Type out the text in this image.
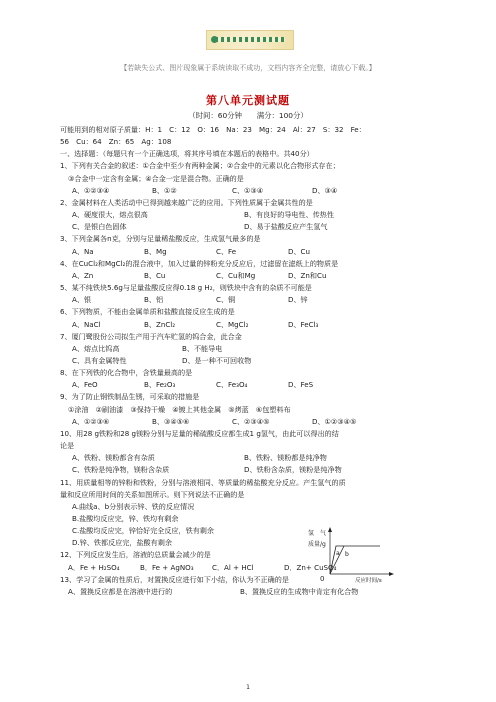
【若缺失公式、图片现象属于系统读取不成功，文档内容齐全完整，请放心下载。】
第八单元测试题
（时间：60分钟　　满分：100分）
可能用到的相对原子质量：H：1　C：12　O：16　Na：23　Mg：24　Al：27　S：32　Fe：
56　Cu：64　Zn：65　Ag：108
一、选择题：（每题只有一个正确选项，将其序号填在本题后的表格中。共40分）
1、下列有关合金的叙述：①合金中至少有两种金属；②合金中的元素以化合物形式存在；
③合金中一定含有金属；④合金一定是混合物。正确的是
A、①②③④	B、①②	C、①③④	D、③④
2、金属材料在人类活动中已得到越来越广泛的应用。下列性质属于金属共性的是
A、硬度很大，熔点很高	B、有良好的导电性、传热性
C、是银白色固体	D、易于盐酸反应产生氢气
3、下列金属各n克，分别与足量稀盐酸反应，生成氢气最多的是
A、Na	B、Mg	C、Fe	D、Cu
4、在CuCl₂和MgCl₂的混合液中，加入过量的锌粉充分反应后，过滤留在滤纸上的物质是
A、Zn	B、Cu	C、Cu和Mg	D、Zn和Cu
5、某不纯铁块5.6g与足量盐酸反应得0.18 g H₂，则铁块中含有的杂质不可能是
A、银	B、铝	C、铜	D、锌
6、下列物质，不能由金属单质和盐酸直接反应生成的是
A、NaCl	B、ZnCl₂	C、MgCl₂	D、FeCl₃
7、厦门鹭股份公司拟生产用于汽车贮氢的钨合金，此合金
A、熔点比钨高	B、不能导电
C、具有金属特性	D、是一种不可回收物
8、在下列铁的化合物中，含铁量最高的是
A、FeO	B、Fe₂O₃	C、Fe₃O₄	D、FeS
9、为了防止钢铁制品生锈，可采取的措施是
①涂油　②刷油漆　③保持干燥　④镀上其他金属　⑤烤蓝　⑥包塑料布
A、①②③⑥	B、③④⑤⑥	C、②③④⑤	D、①②③④⑤
10、用28 g铁粉和28 g镁粉分别与足量的稀硫酸反应都生成1 g氢气，由此可以得出的结
论是
A、铁粉、镁粉都含有杂质	B、铁粉、镁粉都是纯净物
C、铁粉是纯净物，镁粉含杂质	D、铁粉含杂质，镁粉是纯净物
11、用质量相等的锌粉和铁粉，分别与溶液相同、等质量的稀盐酸充分反应。产生氢气的质
量和反应所用时间的关系如图所示。则下列说法不正确的是
A.曲线a、b分别表示锌、铁的反应情况
B.盐酸均反应完，锌、铁均有剩余
C.盐酸均反应完，锌恰好完全反应，铁有剩余
D.锌、铁都反应完，盐酸有剩余
12、下列反应发生后，溶液的总质量会减少的是
A．Fe + H₂SO₄	B．Fe + AgNO₃	C．Al + HCl	D．Zn+ CuSO₄
13、学习了金属的性质后，对置换反应进行如下小结，你认为不正确的是
A、置换反应都是在溶液中进行的	B、置换反应的生成物中肯定有化合物
氢　气
质量/g
a b
0	反应时间/s
1
